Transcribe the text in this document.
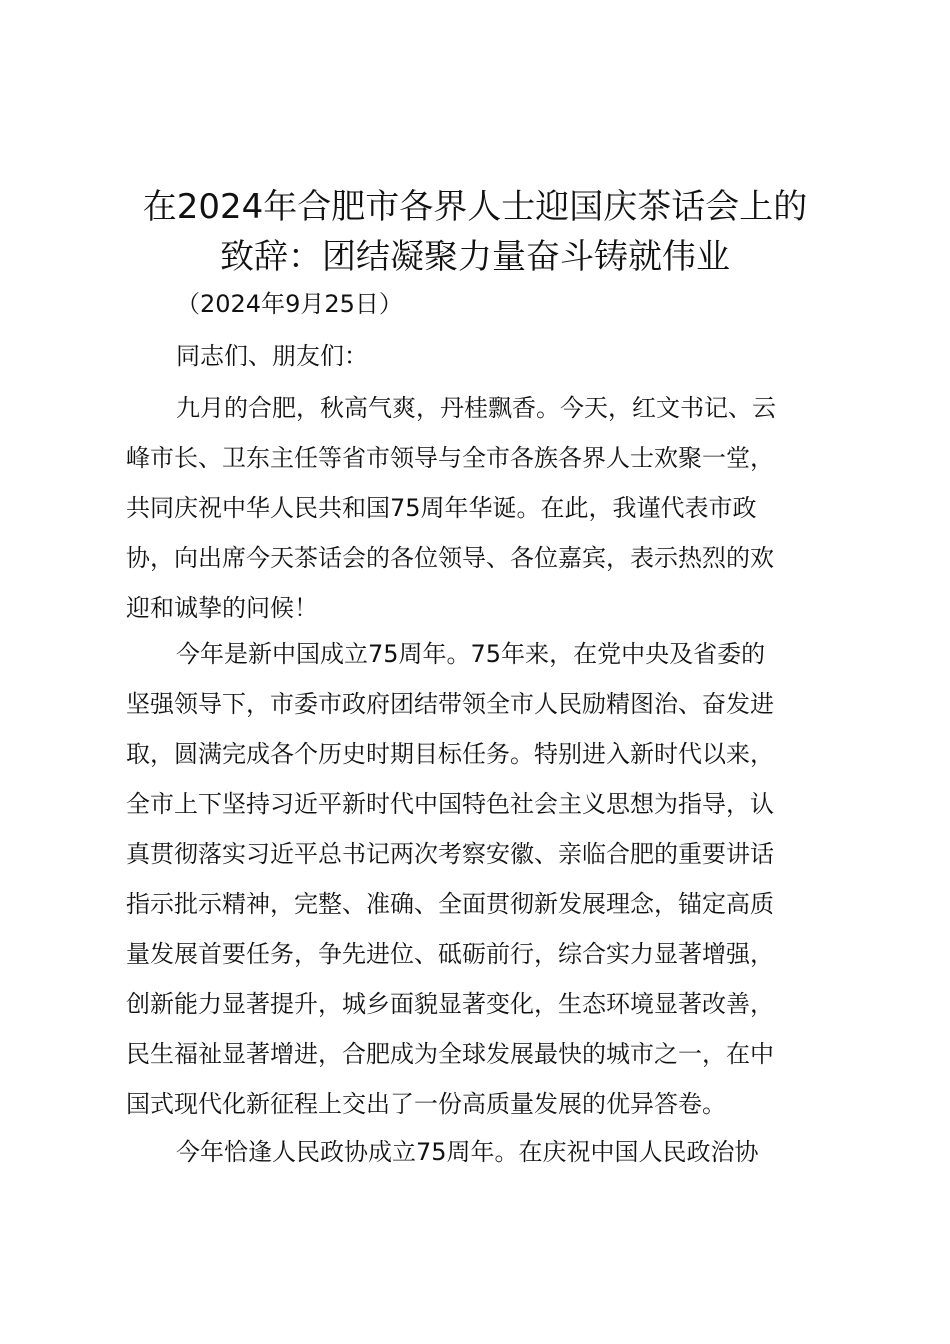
在2024年合肥市各界人士迎国庆茶话会上的
致辞：团结凝聚力量奋斗铸就伟业

（2024年9月25日）

同志们、朋友们：

九月的合肥，秋高气爽，丹桂飘香。今天，红文书记、云
峰市长、卫东主任等省市领导与全市各族各界人士欢聚一堂，
共同庆祝中华人民共和国75周年华诞。在此，我谨代表市政
协，向出席今天茶话会的各位领导、各位嘉宾，表示热烈的欢
迎和诚挚的问候！
今年是新中国成立75周年。75年来，在党中央及省委的
坚强领导下，市委市政府团结带领全市人民励精图治、奋发进
取，圆满完成各个历史时期目标任务。特别进入新时代以来，
全市上下坚持习近平新时代中国特色社会主义思想为指导，认
真贯彻落实习近平总书记两次考察安徽、亲临合肥的重要讲话
指示批示精神，完整、准确、全面贯彻新发展理念，锚定高质
量发展首要任务，争先进位、砥砺前行，综合实力显著增强，
创新能力显著提升，城乡面貌显著变化，生态环境显著改善，
民生福祉显著增进，合肥成为全球发展最快的城市之一，在中
国式现代化新征程上交出了一份高质量发展的优异答卷。
今年恰逢人民政协成立75周年。在庆祝中国人民政治协
